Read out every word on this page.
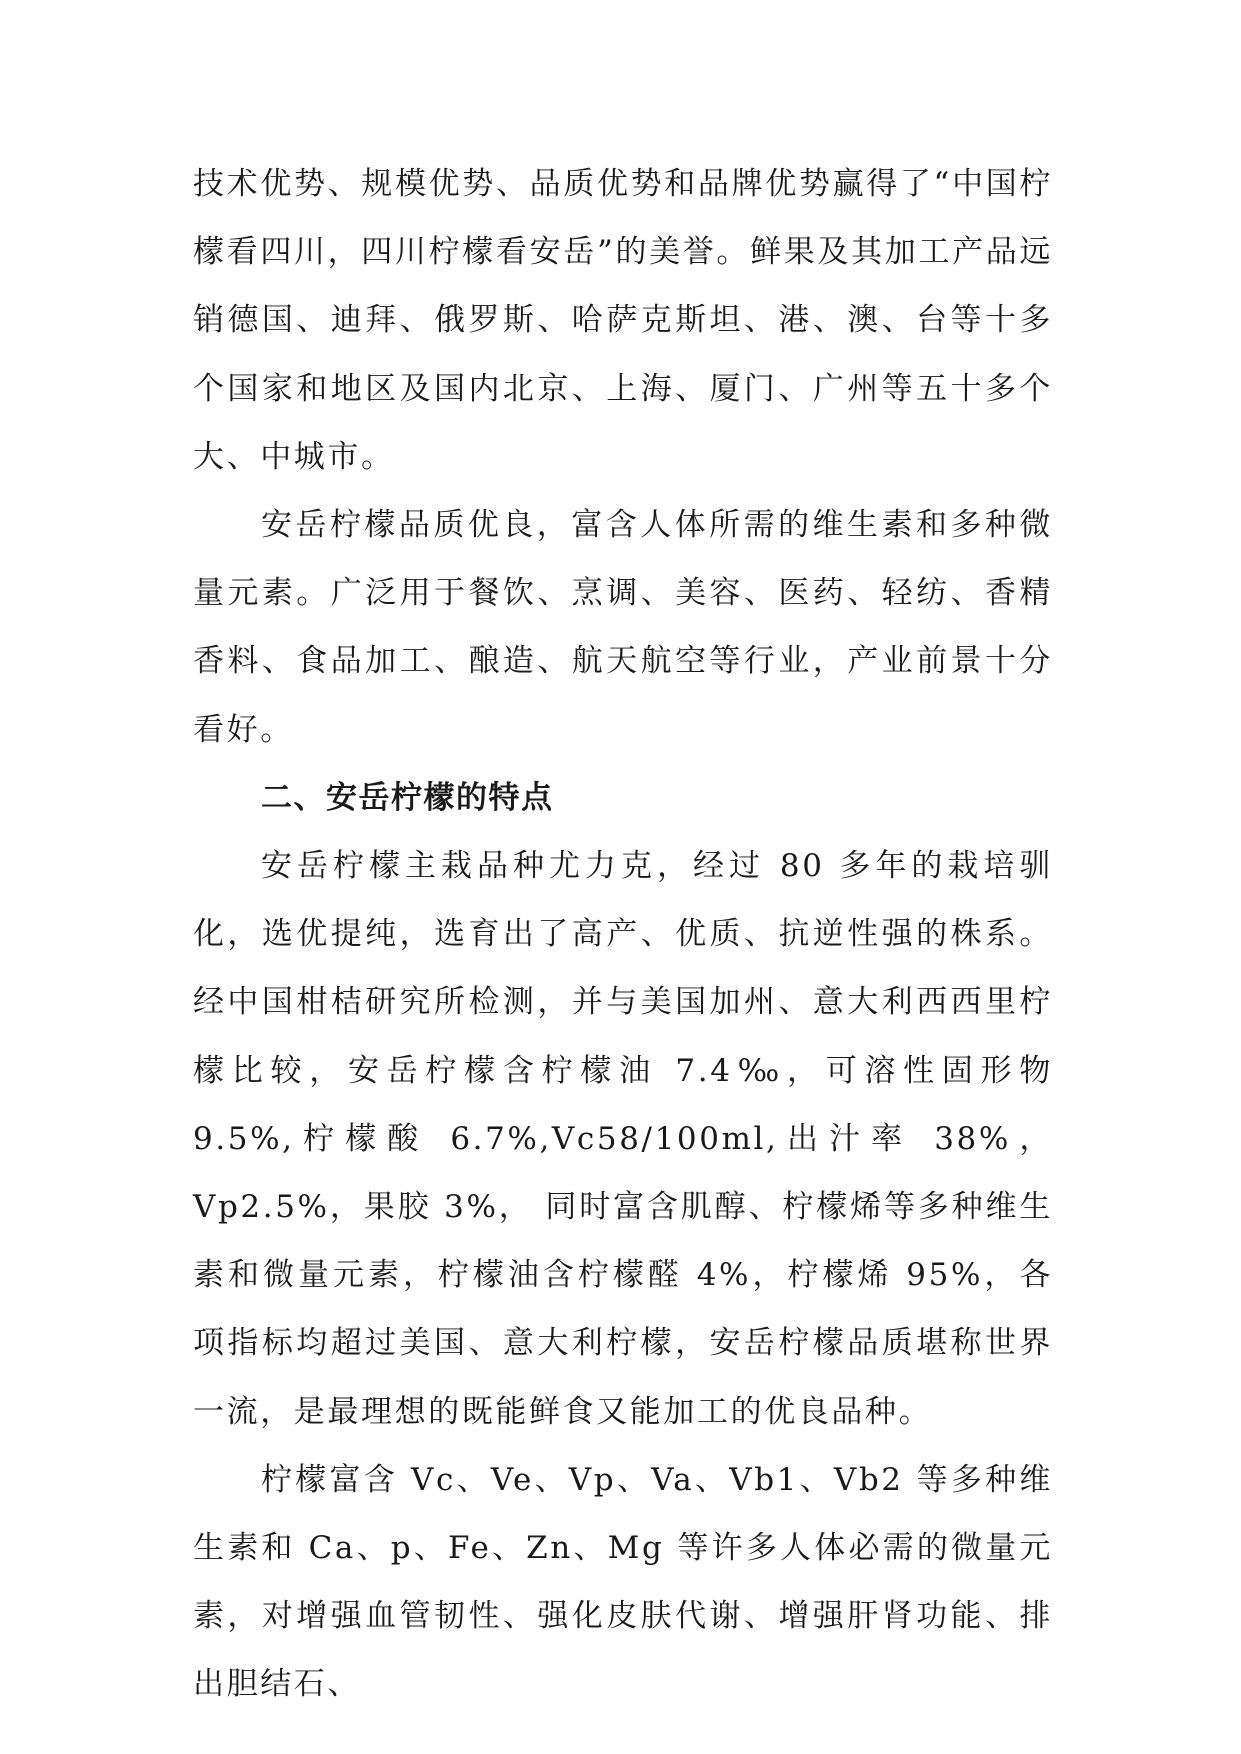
技术优势、规模优势、品质优势和品牌优势赢得了“中国柠檬看四川，四川柠檬看安岳”的美誉。鲜果及其加工产品远销德国、迪拜、俄罗斯、哈萨克斯坦、港、澳、台等十多个国家和地区及国内北京、上海、厦门、广州等五十多个大、中城市。

安岳柠檬品质优良，富含人体所需的维生素和多种微量元素。广泛用于餐饮、烹调、美容、医药、轻纺、香精香料、食品加工、酿造、航天航空等行业，产业前景十分看好。

二、安岳柠檬的特点

安岳柠檬主栽品种尤力克，经过 80 多年的栽培驯化，选优提纯，选育出了高产、优质、抗逆性强的株系。经中国柑桔研究所检测，并与美国加州、意大利西西里柠檬比较，安岳柠檬含柠檬油 7.4‰，可溶性固形物 9.5%,柠檬酸 6.7%,Vc58/100ml,出汁率 38%，Vp2.5%，果胶 3%， 同时富含肌醇、柠檬烯等多种维生素和微量元素，柠檬油含柠檬醛 4%，柠檬烯 95%，各项指标均超过美国、意大利柠檬，安岳柠檬品质堪称世界一流，是最理想的既能鲜食又能加工的优良品种。

柠檬富含 Vc、Ve、Vp、Va、Vb1、Vb2 等多种维生素和 Ca、p、Fe、Zn、Mg 等许多人体必需的微量元素，对增强血管韧性、强化皮肤代谢、增强肝肾功能、排出胆结石、
